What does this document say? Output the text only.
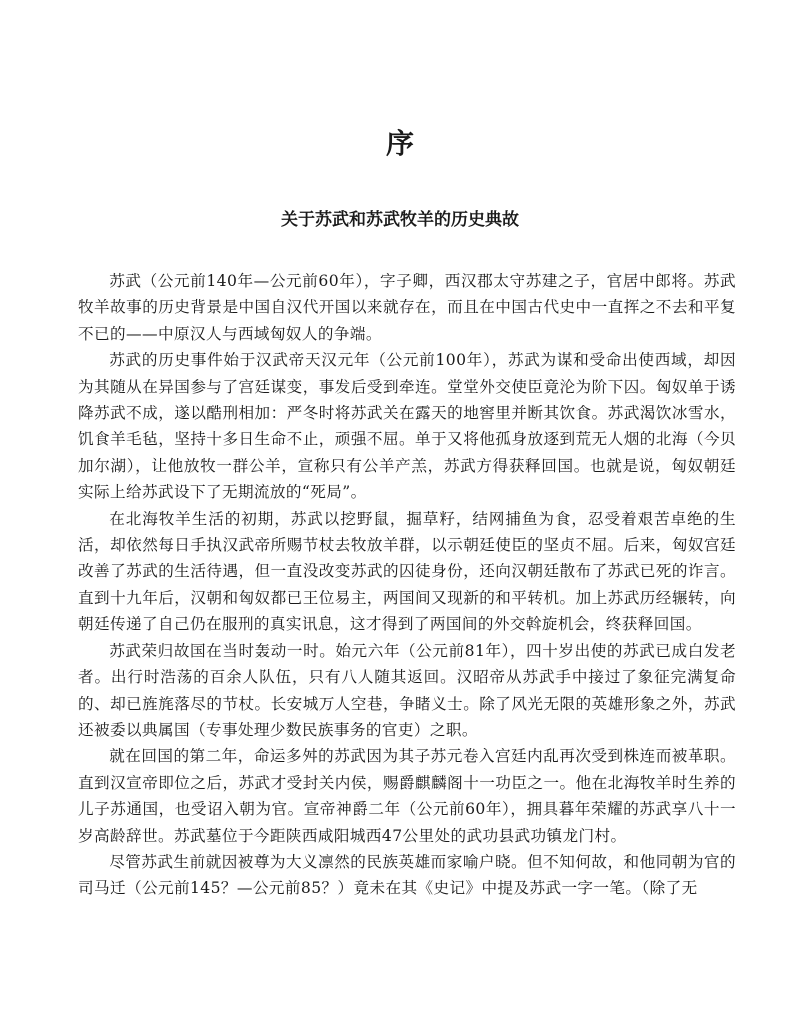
序
关于苏武和苏武牧羊的历史典故

苏武（公元前140年—公元前60年），字子卿，西汉郡太守苏建之子，官居中郎将。苏武牧羊故事的历史背景是中国自汉代开国以来就存在，而且在中国古代史中一直挥之不去和平复不已的——中原汉人与西域匈奴人的争端。

苏武的历史事件始于汉武帝天汉元年（公元前100年），苏武为谋和受命出使西域，却因为其随从在异国参与了宫廷谋变，事发后受到牵连。堂堂外交使臣竟沦为阶下囚。匈奴单于诱降苏武不成，遂以酷刑相加：严冬时将苏武关在露天的地窖里并断其饮食。苏武渴饮冰雪水，饥食羊毛毡，坚持十多日生命不止，顽强不屈。单于又将他孤身放逐到荒无人烟的北海（今贝加尔湖），让他放牧一群公羊，宣称只有公羊产羔，苏武方得获释回国。也就是说，匈奴朝廷实际上给苏武设下了无期流放的“死局”。

在北海牧羊生活的初期，苏武以挖野鼠，掘草籽，结网捕鱼为食，忍受着艰苦卓绝的生活，却依然每日手执汉武帝所赐节杖去牧放羊群，以示朝廷使臣的坚贞不屈。后来，匈奴宫廷改善了苏武的生活待遇，但一直没改变苏武的囚徒身份，还向汉朝廷散布了苏武已死的诈言。直到十九年后，汉朝和匈奴都已王位易主，两国间又现新的和平转机。加上苏武历经辗转，向朝廷传递了自己仍在服刑的真实讯息，这才得到了两国间的外交斡旋机会，终获释回国。

苏武荣归故国在当时轰动一时。始元六年（公元前81年），四十岁出使的苏武已成白发老者。出行时浩荡的百余人队伍，只有八人随其返回。汉昭帝从苏武手中接过了象征完满复命的、却已旌旄落尽的节杖。长安城万人空巷，争睹义士。除了风光无限的英雄形象之外，苏武还被委以典属国（专事处理少数民族事务的官吏）之职。

就在回国的第二年，命运多舛的苏武因为其子苏元卷入宫廷内乱再次受到株连而被革职。直到汉宣帝即位之后，苏武才受封关内侯，赐爵麒麟阁十一功臣之一。他在北海牧羊时生养的儿子苏通国，也受诏入朝为官。宣帝神爵二年（公元前60年），拥具暮年荣耀的苏武享八十一岁高龄辞世。苏武墓位于今距陕西咸阳城西47公里处的武功县武功镇龙门村。

尽管苏武生前就因被尊为大义凛然的民族英雄而家喻户晓。但不知何故，和他同朝为官的司马迁（公元前145？—公元前85？）竟未在其《史记》中提及苏武一字一笔。（除了无
